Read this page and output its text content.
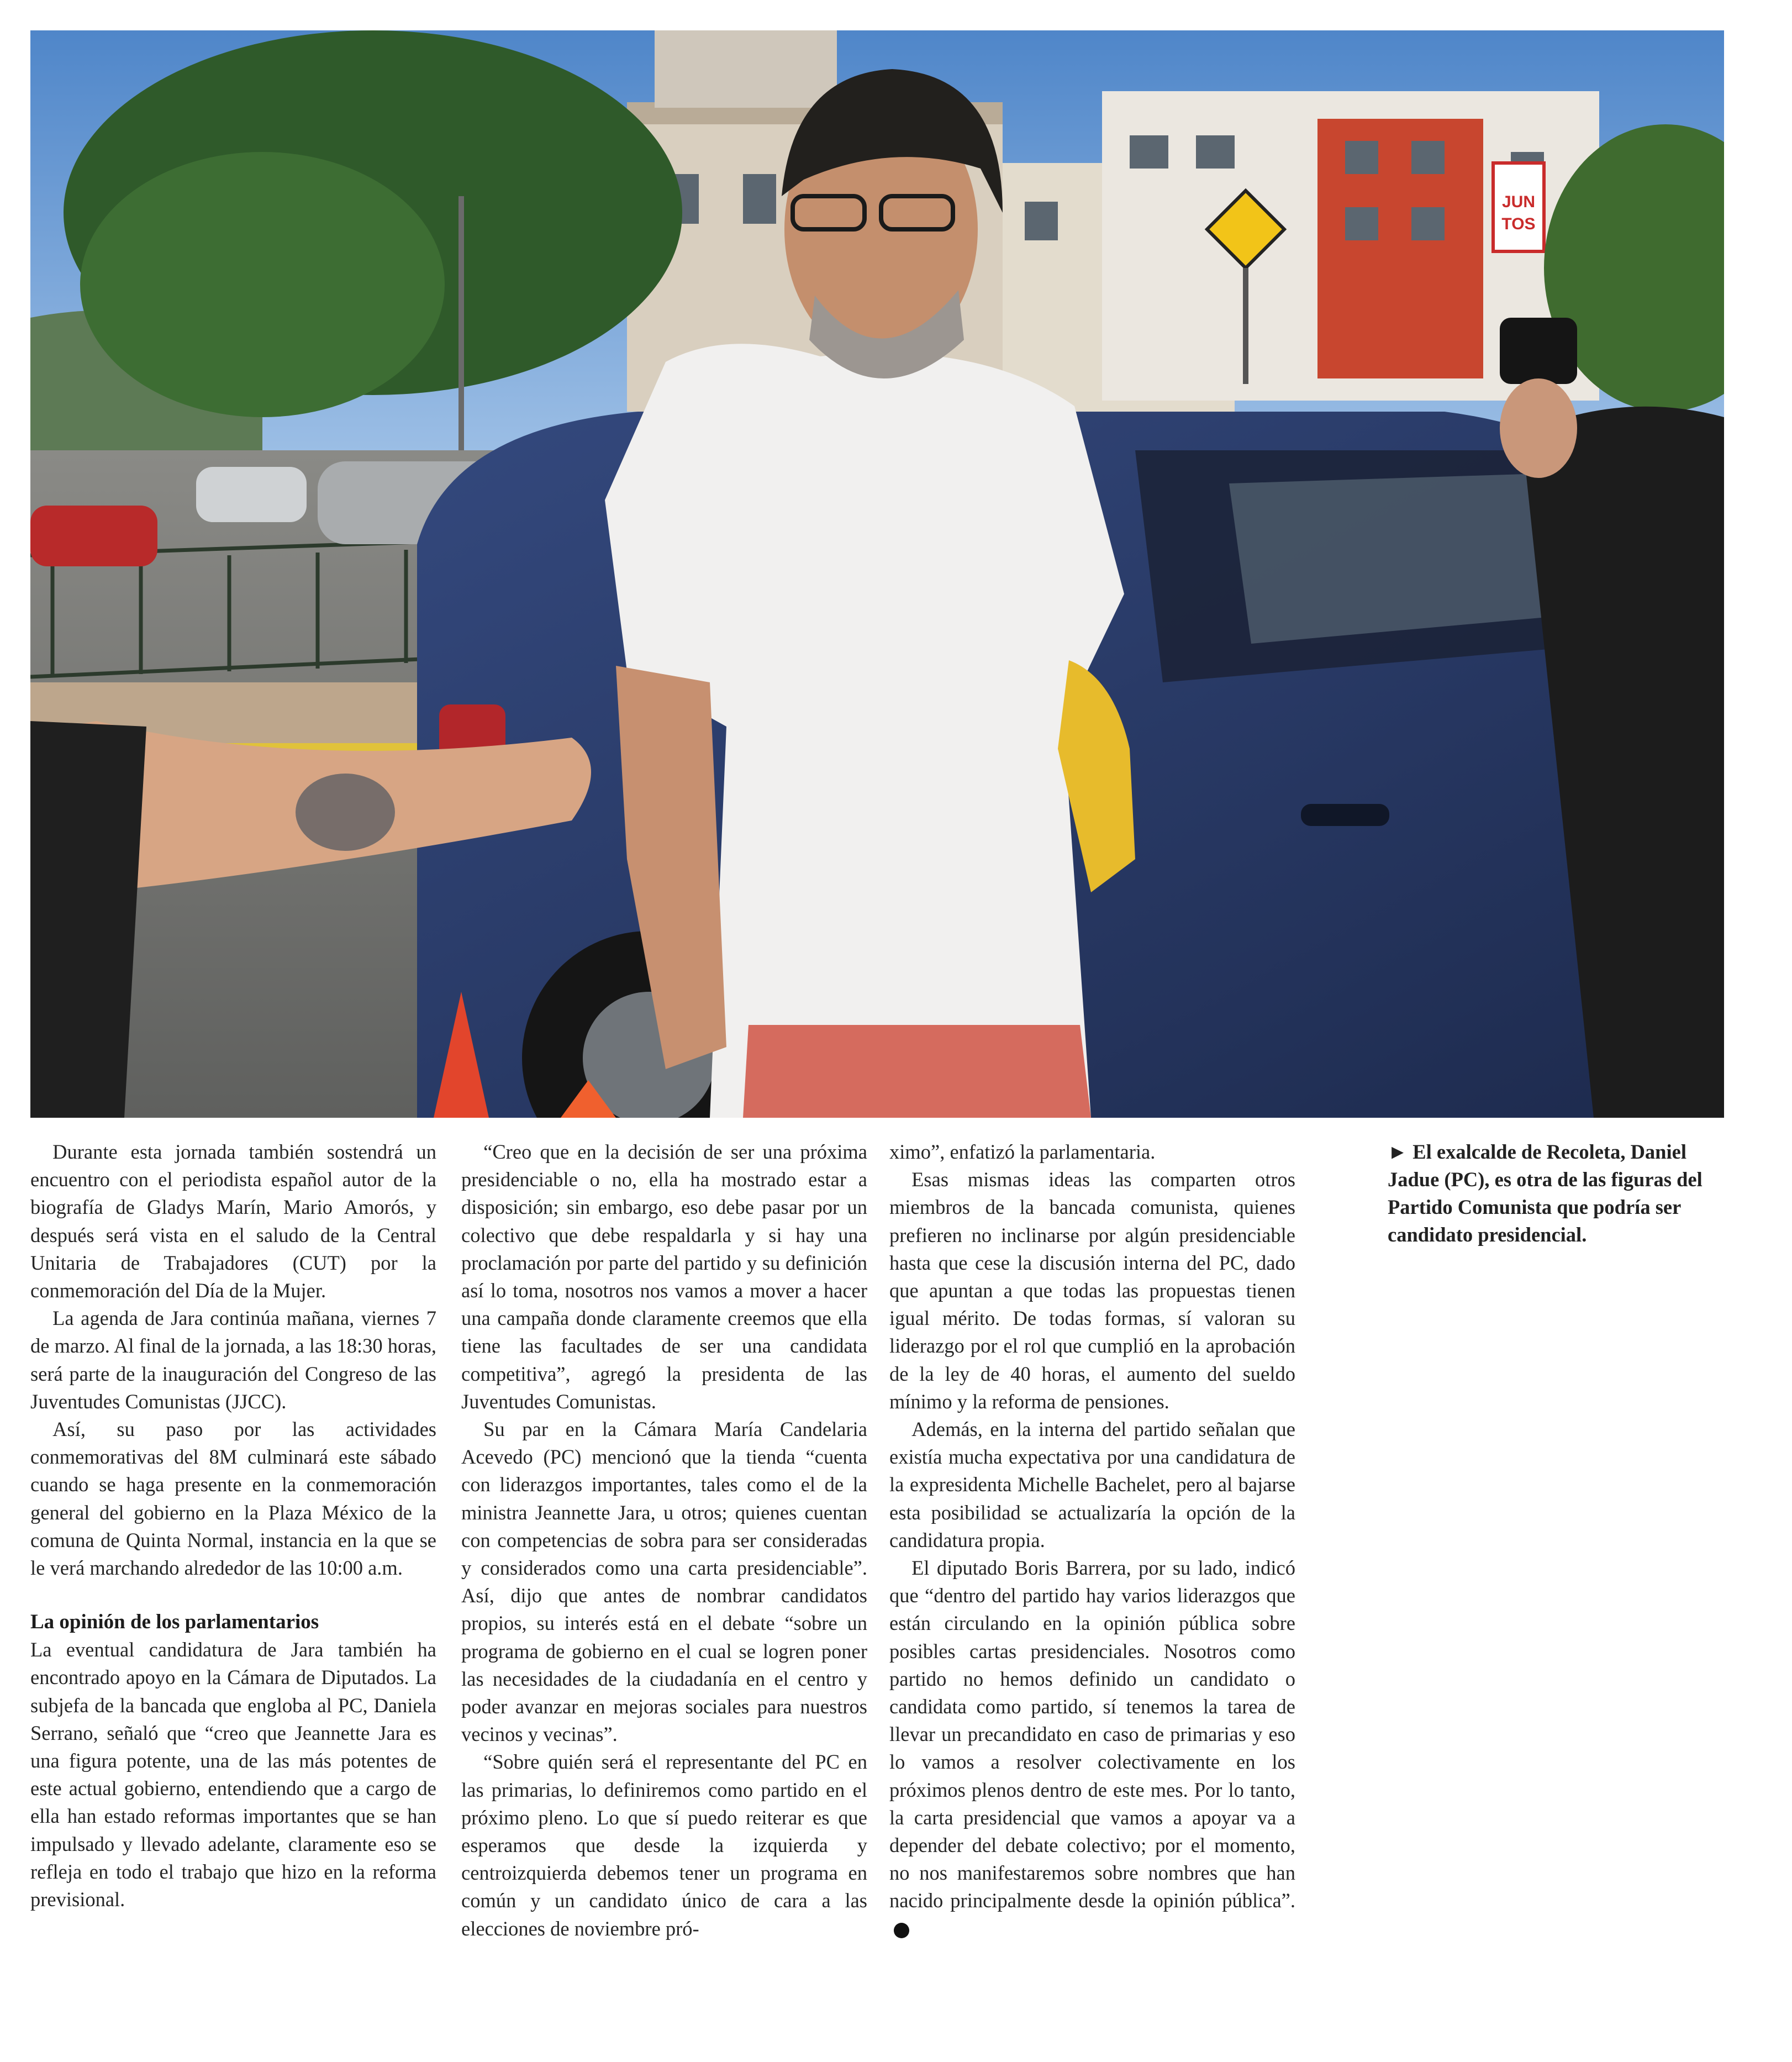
JUN
TOS
► El exalcalde de Recoleta, Daniel Jadue (PC), es otra de las figuras del Partido Comunista que podría ser candidato presidencial.

Durante esta jornada también sostendrá un encuentro con el periodista español autor de la biografía de Gladys Marín, Mario Amorós, y después será vista en el saludo de la Central Unitaria de Trabajadores (CUT) por la conmemoración del Día de la Mujer.

La agenda de Jara continúa mañana, viernes 7 de marzo. Al final de la jornada, a las 18:30 horas, será parte de la inauguración del Congreso de las Juventudes Comunistas (JJCC).

Así, su paso por las actividades conmemorativas del 8M culminará este sábado cuando se haga presente en la conmemoración general del gobierno en la Plaza México de la comuna de Quinta Normal, instancia en la que se le verá marchando alrededor de las 10:00 a.m.

La opinión de los parlamentarios

La eventual candidatura de Jara también ha encontrado apoyo en la Cámara de Diputados. La subjefa de la bancada que engloba al PC, Daniela Serrano, señaló que “creo que Jeannette Jara es una figura potente, una de las más potentes de este actual gobierno, entendiendo que a cargo de ella han estado reformas importantes que se han impulsado y llevado adelante, claramente eso se refleja en todo el trabajo que hizo en la reforma previsional.

“Creo que en la decisión de ser una próxima presidenciable o no, ella ha mostrado estar a disposición; sin embargo, eso debe pasar por un colectivo que debe respaldarla y si hay una proclamación por parte del partido y su definición así lo toma, nosotros nos vamos a mover a hacer una campaña donde claramente creemos que ella tiene las facultades de ser una candidata competitiva”, agregó la presidenta de las Juventudes Comunistas.

Su par en la Cámara María Candelaria Acevedo (PC) mencionó que la tienda “cuenta con liderazgos importantes, tales como el de la ministra Jeannette Jara, u otros; quienes cuentan con competencias de sobra para ser consideradas y considerados como una carta presidenciable”. Así, dijo que antes de nombrar candidatos propios, su interés está en el debate “sobre un programa de gobierno en el cual se logren poner las necesidades de la ciudadanía en el centro y poder avanzar en mejoras sociales para nuestros vecinos y vecinas”.

“Sobre quién será el representante del PC en las primarias, lo definiremos como partido en el próximo pleno. Lo que sí puedo reiterar es que esperamos que desde la izquierda y centroizquierda debemos tener un programa en común y un candidato único de cara a las elecciones de noviembre pró-

ximo”, enfatizó la parlamentaria.

Esas mismas ideas las comparten otros miembros de la bancada comunista, quienes prefieren no inclinarse por algún presidenciable hasta que cese la discusión interna del PC, dado que apuntan a que todas las propuestas tienen igual mérito. De todas formas, sí valoran su liderazgo por el rol que cumplió en la aprobación de la ley de 40 horas, el aumento del sueldo mínimo y la reforma de pensiones.

Además, en la interna del partido señalan que existía mucha expectativa por una candidatura de la expresidenta Michelle Bachelet, pero al bajarse esta posibilidad se actualizaría la opción de la candidatura propia.

El diputado Boris Barrera, por su lado, indicó que “dentro del partido hay varios liderazgos que están circulando en la opinión pública sobre posibles cartas presidenciales. Nosotros como partido no hemos definido un candidato o candidata como partido, sí tenemos la tarea de llevar un precandidato en caso de primarias y eso lo vamos a resolver colectivamente en los próximos plenos dentro de este mes. Por lo tanto, la carta presidencial que vamos a apoyar va a depender del debate colectivo; por el momento, no nos manifestaremos sobre nombres que han nacido principalmente desde la opinión pública”.
